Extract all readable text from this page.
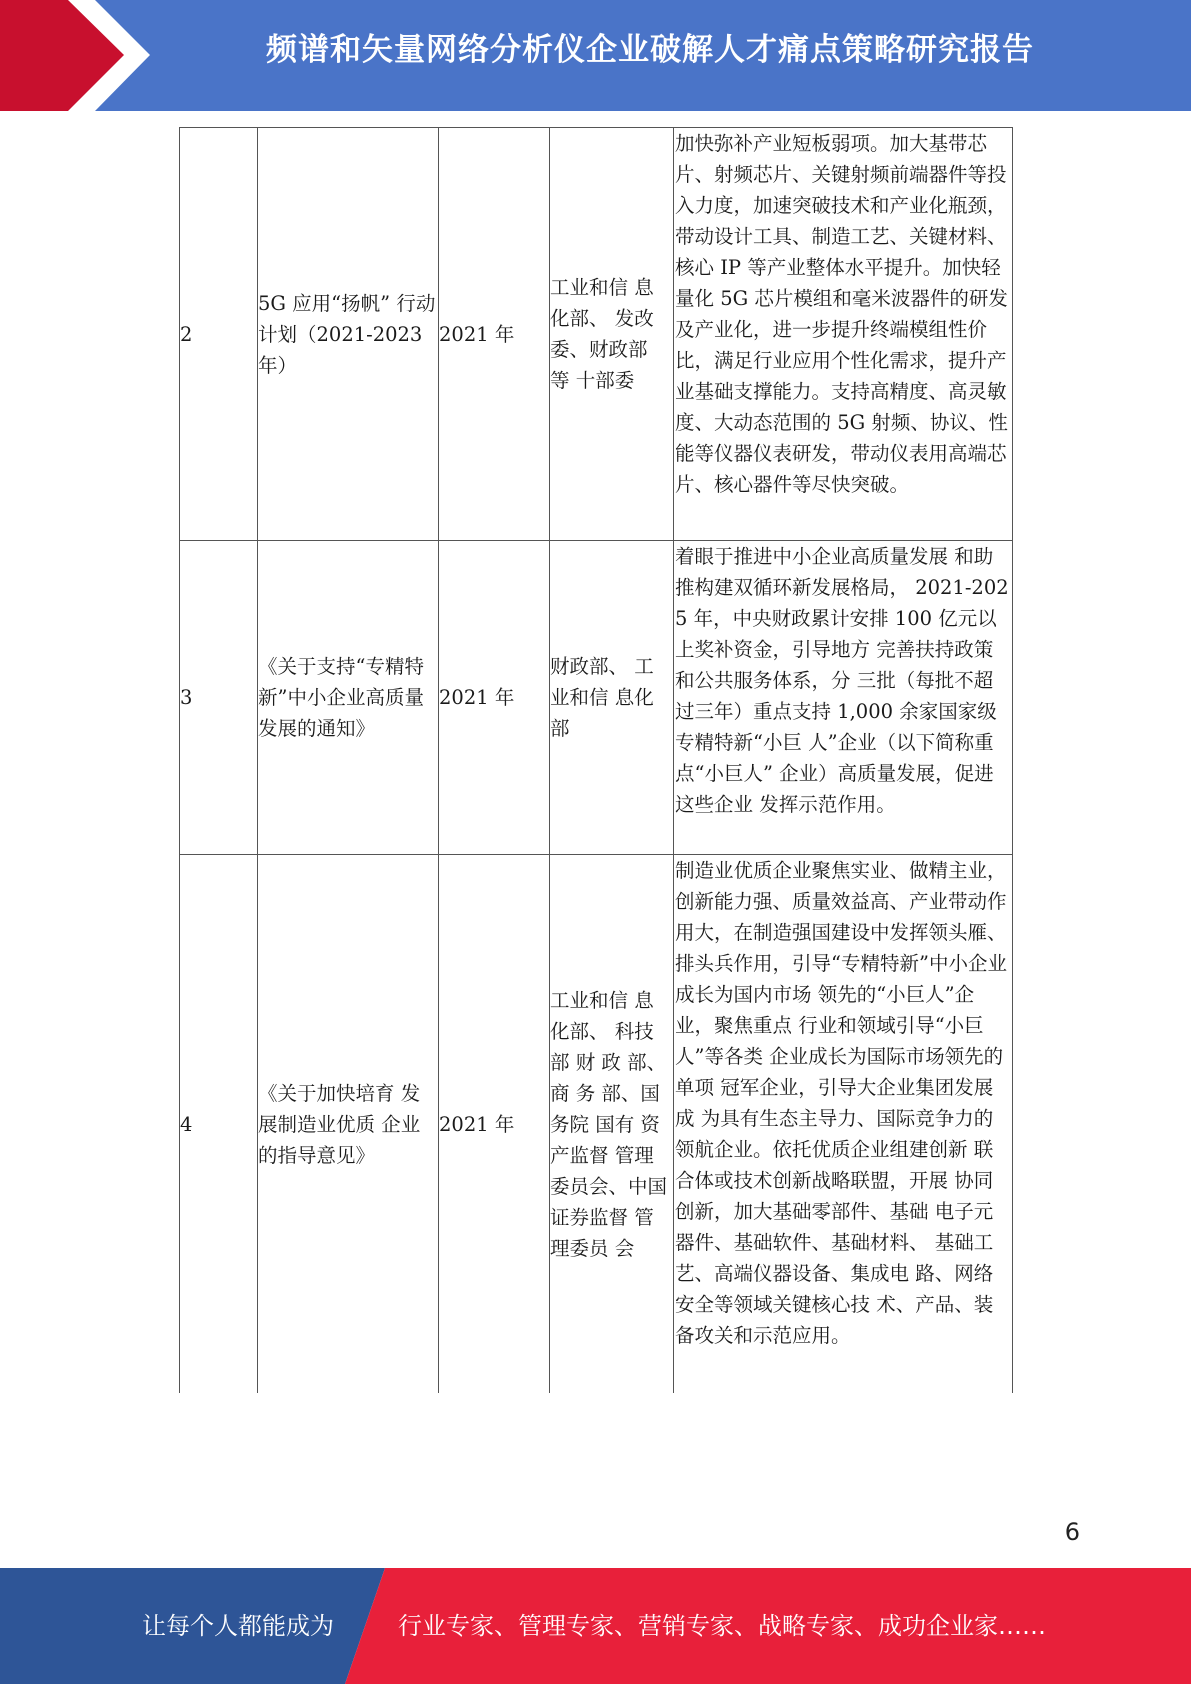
频谱和矢量网络分析仪企业破解人才痛点策略研究报告
2	5G 应用“扬帆” 行动计划（2021-2023 年）	2021 年	工业和信 息化部、 发改委、财政部 等 十部委	加快弥补产业短板弱项。加大基带芯片、射频芯片、关键射频前端器件等投入力度，加速突破技术和产业化瓶颈，带动设计工具、制造工艺、关键材料、核心 IP 等产业整体水平提升。加快轻量化 5G 芯片模组和毫米波器件的研发及产业化，进一步提升终端模组性价比，满足行业应用个性化需求，提升产业基础支撑能力。支持高精度、高灵敏度、大动态范围的 5G 射频、协议、性能等仪器仪表研发，带动仪表用高端芯片、核心器件等尽快突破。
3	《关于支持“专精特新”中小企业高质量发展的通知》	2021 年	财政部、 工业和信 息化部	着眼于推进中小企业高质量发展 和助推构建双循环新发展格局， 2021-2025 年，中央财政累计安排 100 亿元以上奖补资金，引导地方 完善扶持政策和公共服务体系，分 三批（每批不超过三年）重点支持 1,000 余家国家级专精特新“小巨 人”企业（以下简称重点“小巨人” 企业）高质量发展，促进这些企业 发挥示范作用。
4	《关于加快培育 发展制造业优质 企业的指导意见》	2021 年	工业和信 息化部、 科技部 财 政 部、商 务 部、国 务院 国有 资产监督 管理委员会、中国 证券监督 管理委员 会	制造业优质企业聚焦实业、做精主业，创新能力强、质量效益高、产业带动作用大，在制造强国建设中发挥领头雁、排头兵作用，引导“专精特新”中小企业成长为国内市场 领先的“小巨人”企业，聚焦重点 行业和领域引导“小巨人”等各类 企业成长为国际市场领先的单项 冠军企业，引导大企业集团发展成 为具有生态主导力、国际竞争力的 领航企业。依托优质企业组建创新 联合体或技术创新战略联盟，开展 协同创新，加大基础零部件、基础 电子元器件、基础软件、基础材料、 基础工艺、高端仪器设备、集成电 路、网络安全等领域关键核心技 术、产品、装备攻关和示范应用。
6
让每个人都能成为	行业专家、管理专家、营销专家、战略专家、成功企业家……
